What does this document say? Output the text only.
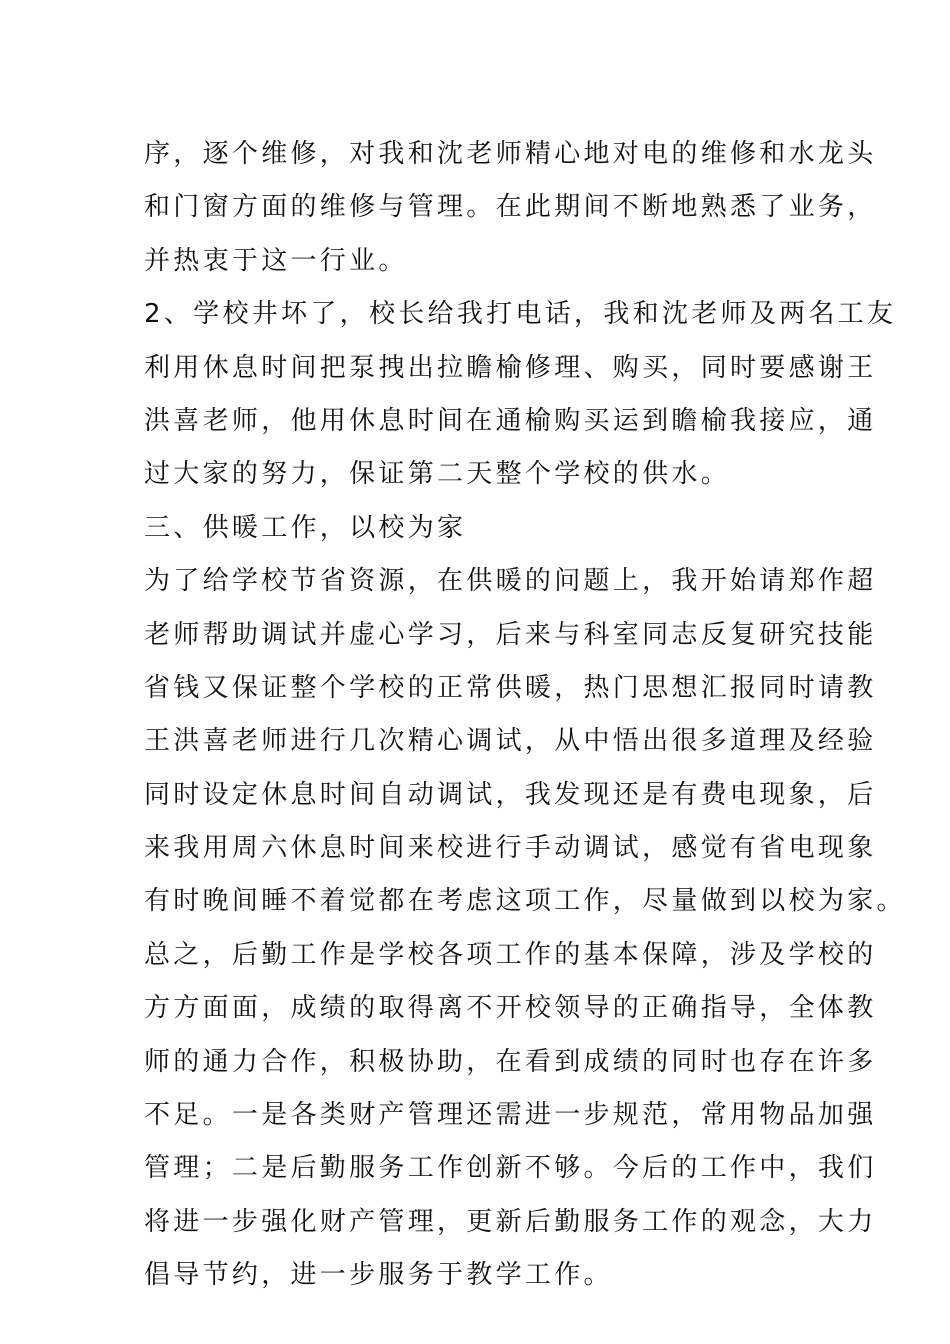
序，逐个维修，对我和沈老师精心地对电的维修和水龙头
和门窗方面的维修与管理。在此期间不断地熟悉了业务，
并热衷于这一行业。
2、学校井坏了，校长给我打电话，我和沈老师及两名工友
利用休息时间把泵拽出拉瞻榆修理、购买，同时要感谢王
洪喜老师，他用休息时间在通榆购买运到瞻榆我接应，通
过大家的努力，保证第二天整个学校的供水。
三、供暖工作，以校为家
为了给学校节省资源，在供暖的问题上，我开始请郑作超
老师帮助调试并虚心学习，后来与科室同志反复研究技能
省钱又保证整个学校的正常供暖，热门思想汇报同时请教
王洪喜老师进行几次精心调试，从中悟出很多道理及经验
同时设定休息时间自动调试，我发现还是有费电现象，后
来我用周六休息时间来校进行手动调试，感觉有省电现象
有时晚间睡不着觉都在考虑这项工作，尽量做到以校为家。
总之，后勤工作是学校各项工作的基本保障，涉及学校的
方方面面，成绩的取得离不开校领导的正确指导，全体教
师的通力合作，积极协助，在看到成绩的同时也存在许多
不足。一是各类财产管理还需进一步规范，常用物品加强
管理；二是后勤服务工作创新不够。今后的工作中，我们
将进一步强化财产管理，更新后勤服务工作的观念，大力
倡导节约，进一步服务于教学工作。
